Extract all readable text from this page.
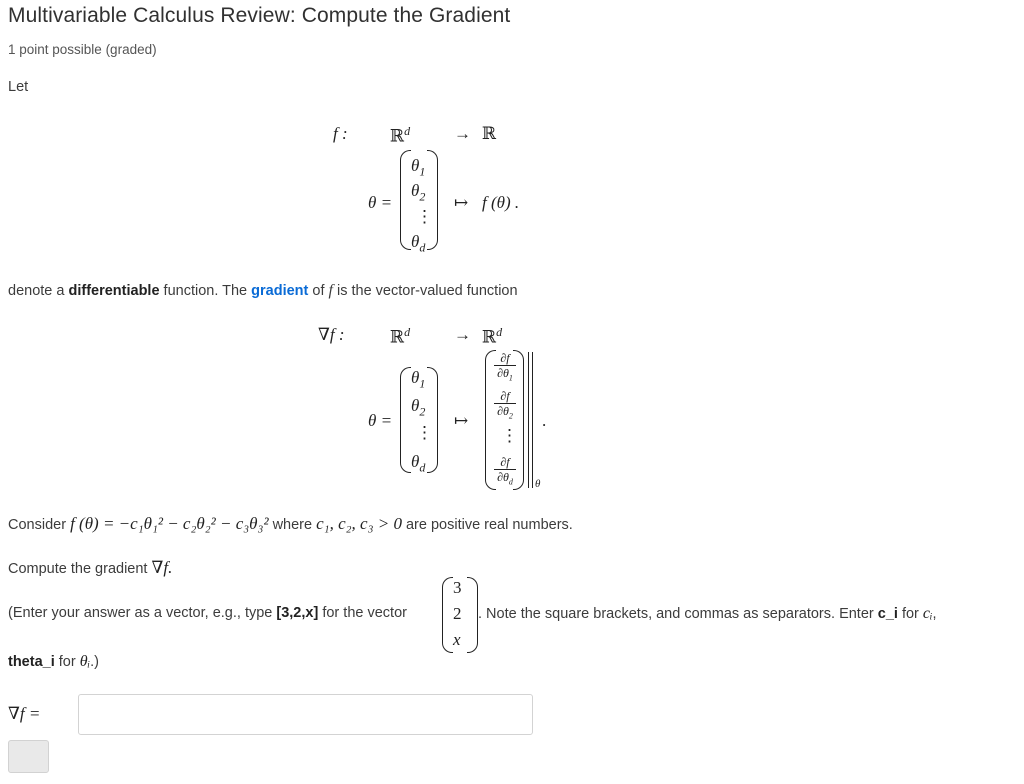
Multivariable Calculus Review: Compute the Gradient
1 point possible (graded)
Let
f : ℝ$^d$	→ ℝ
θ =
$\theta_1$
$\theta_2$
⋮
$\theta_d$
↦ f (θ) .
denote a differentiable function. The gradient of f is the vector-valued function
∇f :	ℝ$^d$	→ ℝ$^d$
θ =
$\theta_1$
$\theta_2$
⋮
$\theta_d$
↦
∂f
$\partial\theta_1$
∂f
$\partial\theta_2$
⋮
∂f
$\partial\theta_d$	θ
.
Consider f (θ) = −c₁θ₁² − c₂θ₂² − c₃θ₃² where c₁, c₂, c₃ > 0 are positive real numbers.
Compute the gradient ∇f.
(Enter your answer as a vector, e.g., type [3,2,x] for the vector
3
2
x
. Note the square brackets, and commas as separators. Enter c_i for cᵢ,
theta_i for θᵢ.)
∇f =
